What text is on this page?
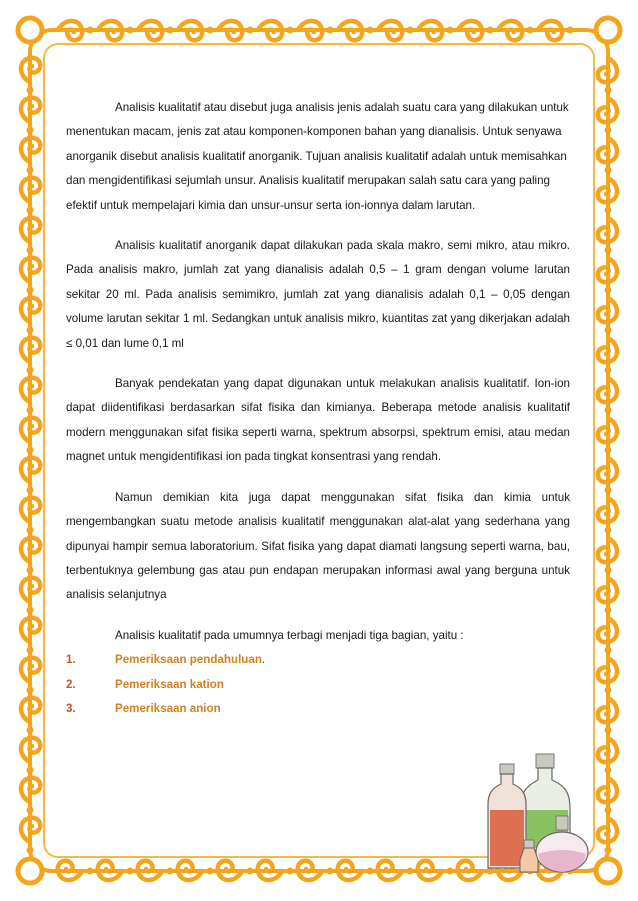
Analisis kualitatif atau disebut juga analisis jenis adalah suatu cara yang dilakukan untuk menentukan macam, jenis zat atau komponen-komponen bahan yang dianalisis. Untuk senyawa anorganik disebut analisis kualitatif anorganik. Tujuan analisis kualitatif adalah untuk memisahkan dan mengidentifikasi sejumlah unsur. Analisis kualitatif merupakan salah satu cara yang paling efektif untuk mempelajari kimia dan unsur-unsur serta ion-ionnya dalam larutan.

Analisis kualitatif anorganik dapat dilakukan pada skala makro, semi mikro, atau mikro. Pada analisis makro, jumlah zat yang dianalisis adalah 0,5 – 1 gram dengan volume larutan sekitar 20 ml. Pada analisis semimikro, jumlah zat yang dianalisis adalah 0,1 – 0,05 dengan volume larutan sekitar 1 ml. Sedangkan untuk analisis mikro, kuantitas zat yang dikerjakan adalah ≤ 0,01 dan lume 0,1 ml

Banyak pendekatan yang dapat digunakan untuk melakukan analisis kualitatif. Ion-ion dapat diidentifikasi berdasarkan sifat fisika dan kimianya. Beberapa metode analisis kualitatif modern menggunakan sifat fisika seperti warna, spektrum absorpsi, spektrum emisi, atau medan magnet untuk mengidentifikasi ion pada tingkat konsentrasi yang rendah.

Namun demikian kita juga dapat menggunakan sifat fisika dan kimia untuk mengembangkan suatu metode analisis kualitatif menggunakan alat-alat yang sederhana yang dipunyai hampir semua laboratorium. Sifat fisika yang dapat diamati langsung seperti warna, bau, terbentuknya gelembung gas atau pun endapan merupakan informasi awal yang berguna untuk analisis selanjutnya

Analisis kualitatif pada umumnya terbagi menjadi tiga bagian, yaitu :

1.	Pemeriksaan pendahuluan .
2.	Pemeriksaan kation
3.	Pemeriksaan anion
